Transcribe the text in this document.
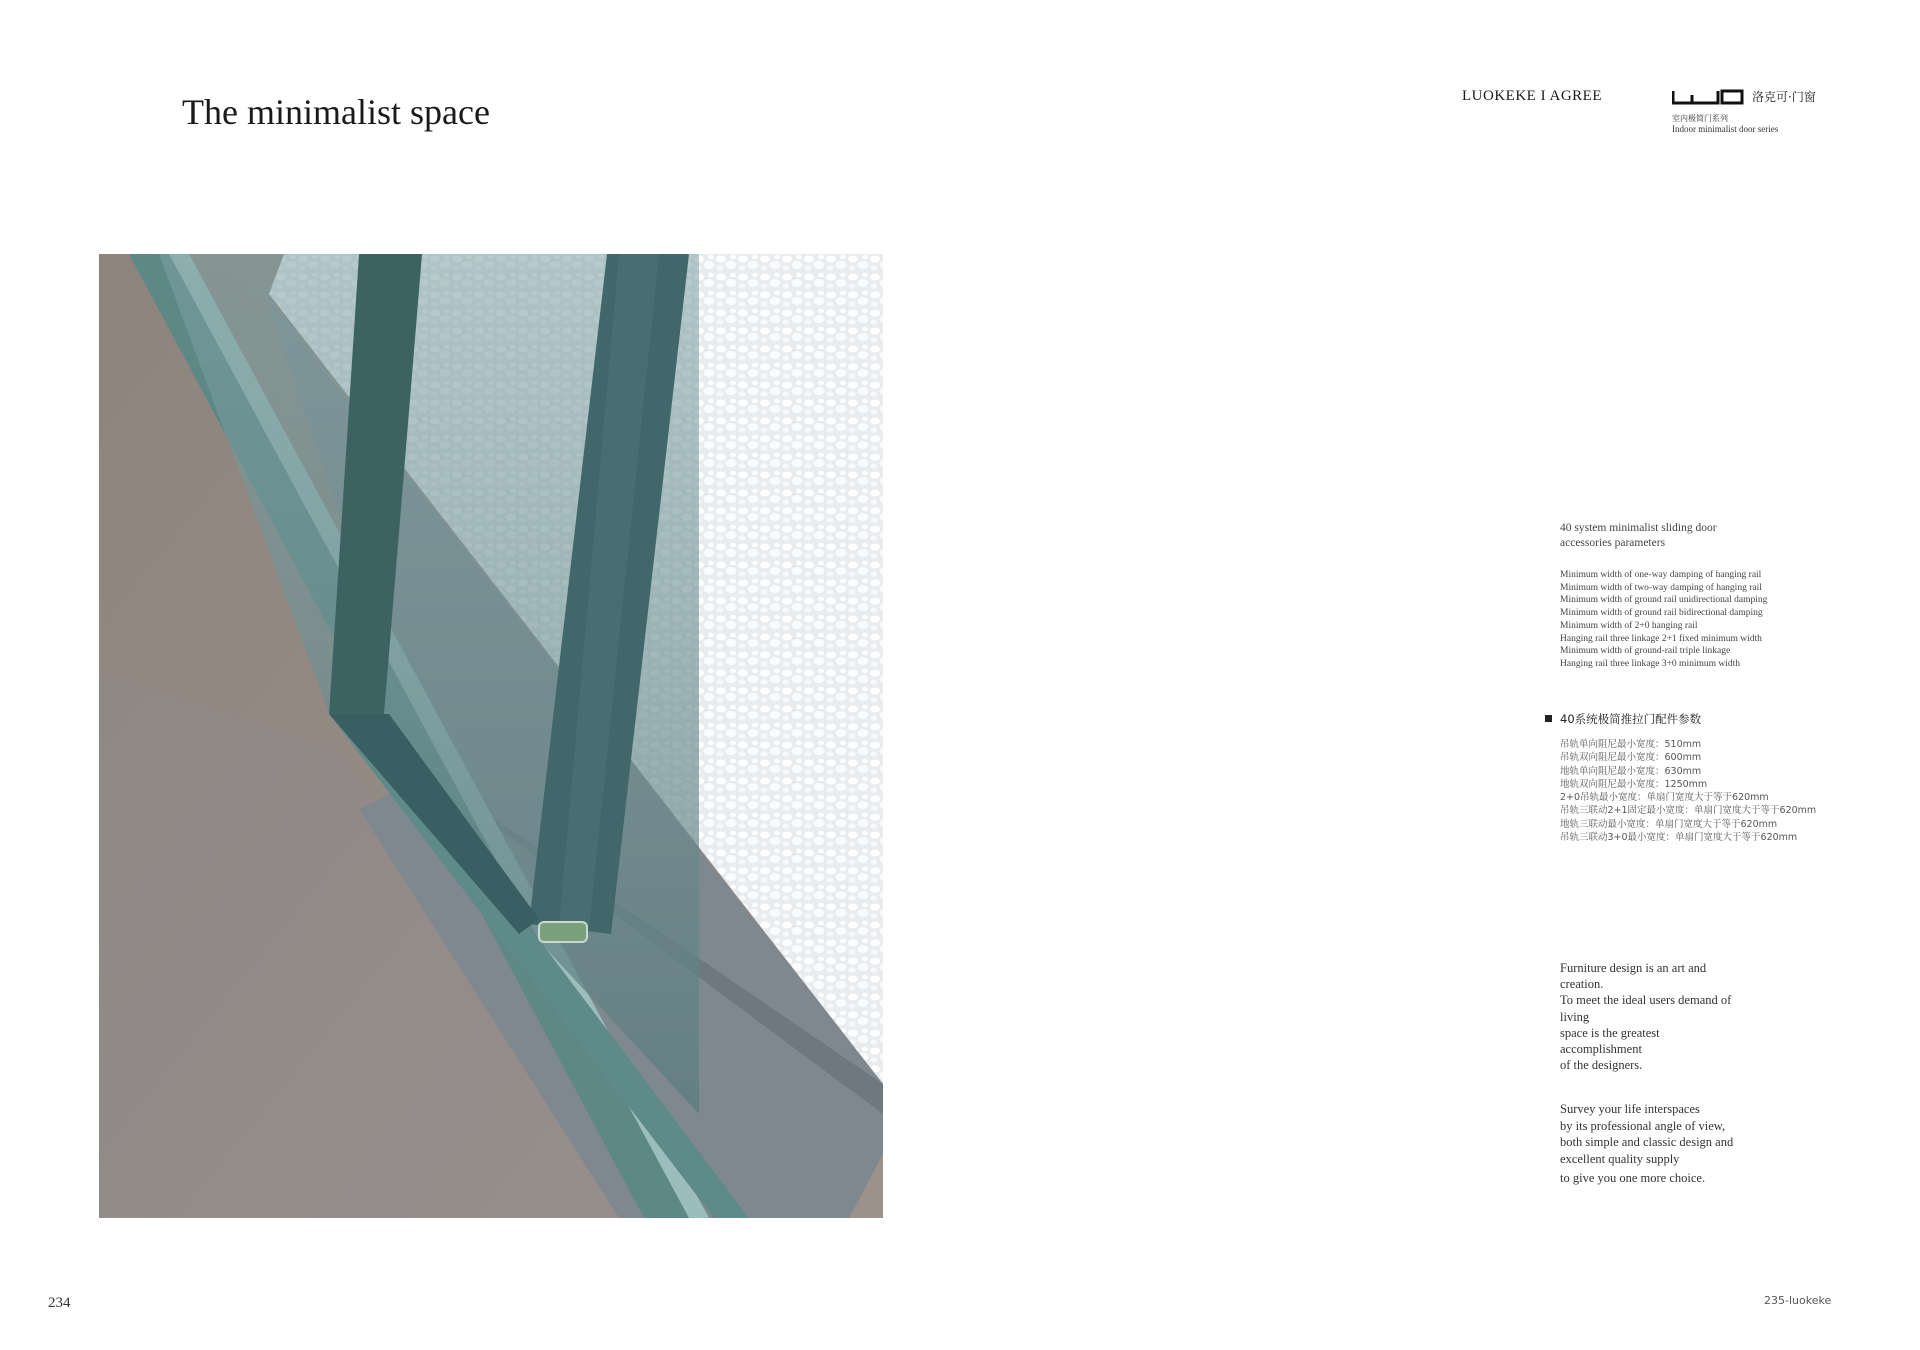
The minimalist space	LUOKEKE I AGREE	洛克可·门窗
室内极简门系列
Indoor minimalist door series
40 system minimalist sliding door
accessories parameters
Minimum width of one-way damping of hanging rail
Minimum width of two-way damping of hanging rail
Minimum width of ground rail unidirectional damping
Minimum width of ground rail bidirectional damping
Minimum width of 2+0 hanging rail
Hanging rail three linkage 2+1 fixed minimum width
Minimum width of ground-rail triple linkage
Hanging rail three linkage 3+0 minimum width
40系统极简推拉门配件参数
吊轨单向阻尼最小宽度：510mm
吊轨双向阻尼最小宽度：600mm
地轨单向阻尼最小宽度：630mm
地轨双向阻尼最小宽度：1250mm
2+0吊轨最小宽度：单扇门宽度大于等于620mm
吊轨三联动2+1固定最小宽度：单扇门宽度大于等于620mm
地轨三联动最小宽度：单扇门宽度大于等于620mm
吊轨三联动3+0最小宽度：单扇门宽度大于等于620mm
Furniture design is an art and
creation.
To meet the ideal users demand of
living
space is the greatest
accomplishment
of the designers.
Survey your life interspaces
by its professional angle of view,
both simple and classic design and
excellent quality supply
to give you one more choice.
234	235-luokeke
